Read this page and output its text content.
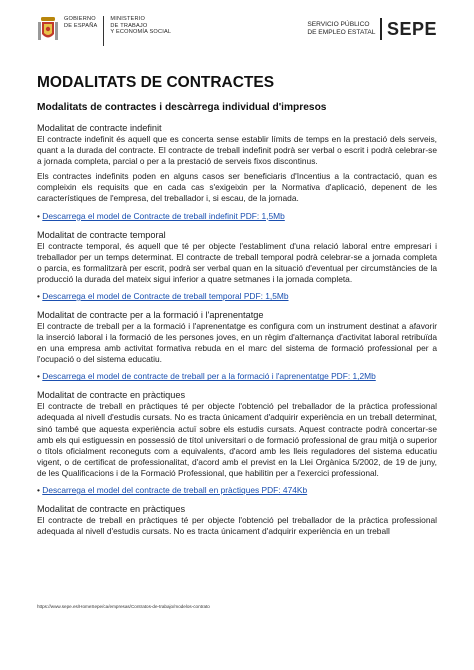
GOBIERNO
DE ESPAÑA
MINISTERIO
DE TRABAJO
Y ECONOMÍA SOCIAL
SERVICIO PÚBLICO
DE EMPLEO ESTATAL SEPE
MODALITATS DE CONTRACTES
Modalitats de contractes i descàrrega individual d'impresos
Modalitat de contracte indefinit

El contracte indefinit és aquell que es concerta sense establir límits de temps en la prestació dels serveis, quant a la durada del contracte. El contracte de treball indefinit podrà ser verbal o escrit i podrà celebrar-se a jornada completa, parcial o per a la prestació de serveis fixos discontinus.

Els contractes indefinits poden en alguns casos ser beneficiaris d'Incentius a la contractació, quan es compleixin els requisits que en cada cas s'exigeixin per la Normativa d'aplicació, depenent de les característiques de l'empresa, del treballador i, si escau, de la jornada.

• Descarrega el model de Contracte de treball indefinit PDF: 1,5Mb
Modalitat de contracte temporal

El contracte temporal, és aquell que té per objecte l'establiment d'una relació laboral entre empresari i treballador per un temps determinat. El contracte de treball temporal podrà celebrar-se a jornada completa o parcia, es formalitzarà per escrit, podrà ser verbal quan en la situació d'eventual per circumstàncies de la producció la durada del mateix sigui inferior a quatre setmanes i la jornada completa.

• Descarrega el model de Contracte de treball temporal PDF: 1,5Mb
Modalitat de contracte per a la formació i l'aprenentatge

El contracte de treball per a la formació i l'aprenentatge es configura com un instrument destinat a afavorir la inserció laboral i la formació de les persones joves, en un règim d'alternança d'activitat laboral retribuïda en una empresa amb activitat formativa rebuda en el marc del sistema de formació professional per a l'ocupació o del sistema educatiu.

• Descarrega el model de contracte de treball per a la formació i l'aprenentatge PDF: 1,2Mb
Modalitat de contracte en pràctiques

El contracte de treball en pràctiques té per objecte l'obtenció pel treballador de la pràctica professional adequada al nivell d'estudis cursats. No es tracta únicament d'adquirir experiència en un treball determinat, sinó també que aquesta experiència actuï sobre els estudis cursats. Aquest contracte podrà concertar-se amb els qui estiguessin en possessió de títol universitari o de formació professional de grau mitjà o superior o títols oficialment reconeguts com a equivalents, d'acord amb les lleis reguladores del sistema educatiu vigent, o de certificat de professionalitat, d'acord amb el previst en la Llei Orgànica 5/2002, de 19 de juny, de les Qualificacions i de la Formació Professional, que habilitin per a l'exercici professional.

• Descarrega el model del contracte de treball en pràctiques PDF: 474Kb
Modalitat de contracte en pràctiques

El contracte de treball en pràctiques té per objecte l'obtenció pel treballador de la pràctica professional adequada al nivell d'estudis cursats. No es tracta únicament d'adquirir experiència en un treball

https://www.sepe.es/HomeSepe/ca/empresas/Contratos-de-trabajo/modelos-contrato
